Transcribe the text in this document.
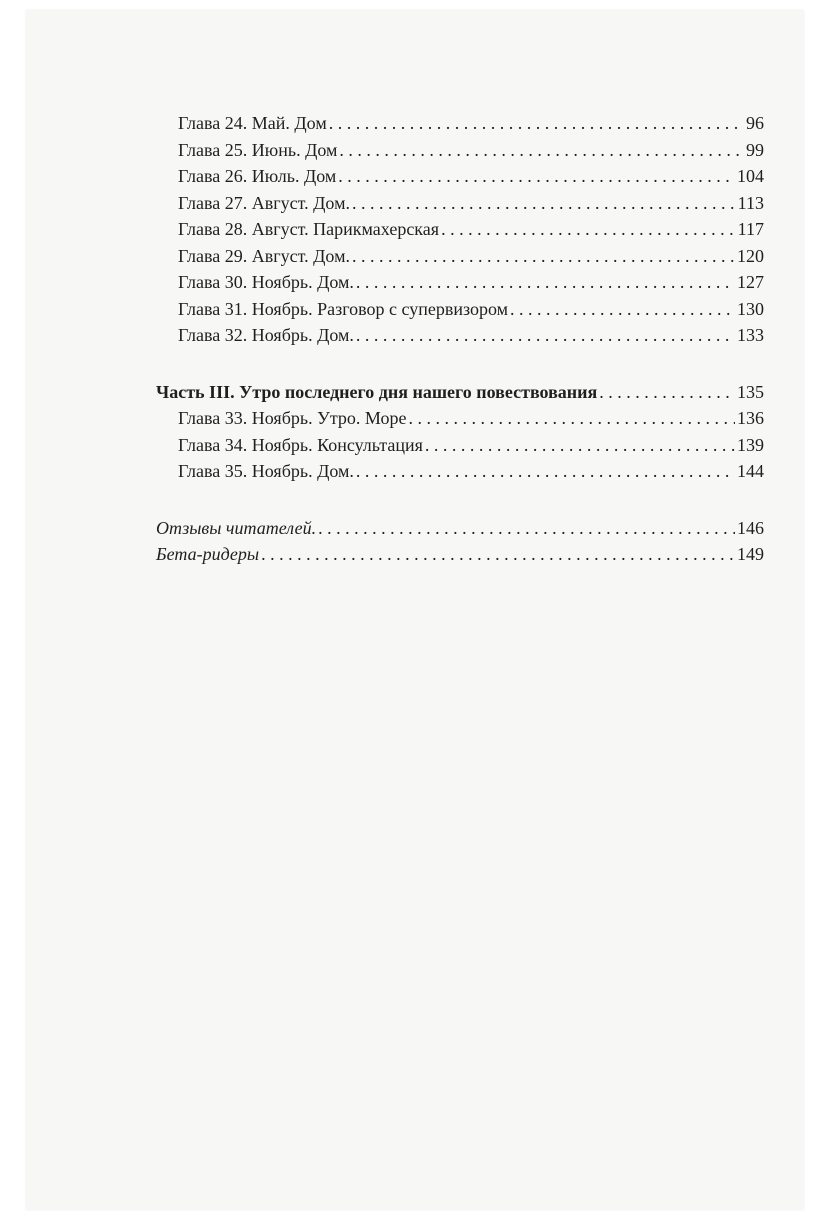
Глава 24. Май. Дом . . .	96
Глава 25. Июнь. Дом . . .	99
Глава 26. Июль. Дом . . .	104
Глава 27. Август. Дом. . . .	113
Глава 28. Август. Парикмахерская . . .	117
Глава 29. Август. Дом. . . .	120
Глава 30. Ноябрь. Дом. . . .	127
Глава 31. Ноябрь. Разговор с супервизором . . .	130
Глава 32. Ноябрь. Дом. . . .	133
Часть III. Утро последнего дня нашего повествования . . .	135
Глава 33. Ноябрь. Утро. Море . . .	136
Глава 34. Ноябрь. Консультация . . .	139
Глава 35. Ноябрь. Дом. . . .	144
Отзывы читателей. . . .	146
Бета-ридеры . . .	149
